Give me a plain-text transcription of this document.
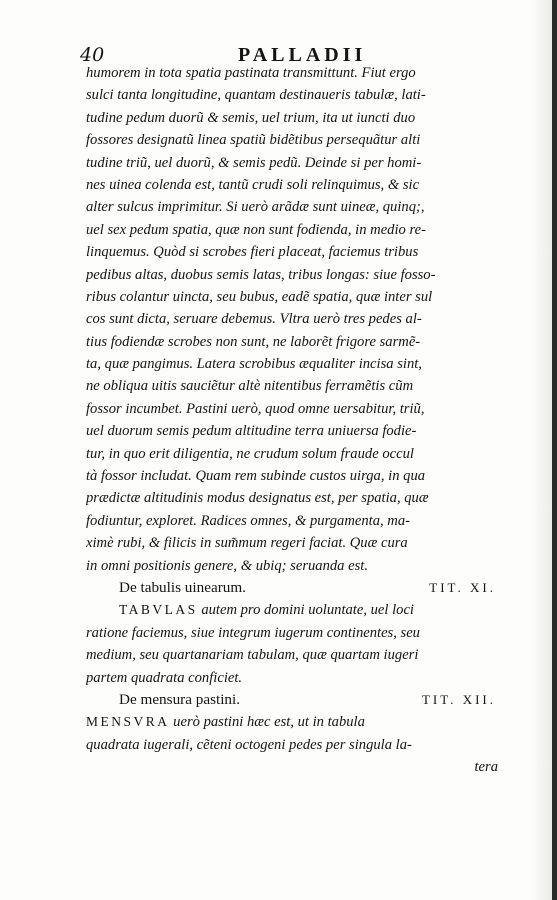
40	PALLADII
humorem in tota spatia pastinata transmittunt. Fiut ergo
sulci tanta longitudine, quantam destinaueris tabulæ, lati-
tudine pedum duorũ & semis, uel trium, ita ut iuncti duo
fossores designatũ linea spatiũ bidẽtibus persequãtur alti
tudine triũ, uel duorũ, & semis pedũ. Deinde si per homi-
nes uinea colenda est, tantũ crudi soli relinquimus, & sic
alter sulcus imprimitur. Si uerò arãdæ sunt uineæ, quinq;,
uel sex pedum spatia, quæ non sunt fodienda, in medio re-
linquemus. Quòd si scrobes fieri placeat, faciemus tribus
pedibus altas, duobus semis latas, tribus longas: siue fosso-
ribus colantur uincta, seu bubus, eadẽ spatia, quæ inter sul
cos sunt dicta, seruare debemus. Vltra uerò tres pedes al-
tius fodiendæ scrobes non sunt, ne laborẽt frigore sarmẽ-
ta, quæ pangimus. Latera scrobibus æqualiter incisa sint,
ne obliqua uitis sauciẽtur altè nitentibus ferramẽtis cũm
fossor incumbet. Pastini uerò, quod omne uersabitur, triũ,
uel duorum semis pedum altitudine terra uniuersa fodie-
tur, in quo erit diligentia, ne crudum solum fraude occul
tà fossor includat. Quam rem subinde custos uirga, in qua
prædictæ altitudinis modus designatus est, per spatia, quæ
fodiuntur, exploret. Radices omnes, & purgamenta, ma-
ximè rubi, & filicis in sum̃mum regeri faciat. Quæ cura
in omni positionis genere, & ubiq; seruanda est.
De tabulis uinearum.	TIT. XI.
TABVLAS autem pro domini uoluntate, uel loci
ratione faciemus, siue integrum iugerum continentes, seu
medium, seu quartanariam tabulam, quæ quartam iugeri
partem quadrata conficiet.
De mensura pastini.	TIT. XII.
MENSVRA uerò pastini hæc est, ut in tabula
quadrata iugerali, cẽteni octogeni pedes per singula la-
tera
